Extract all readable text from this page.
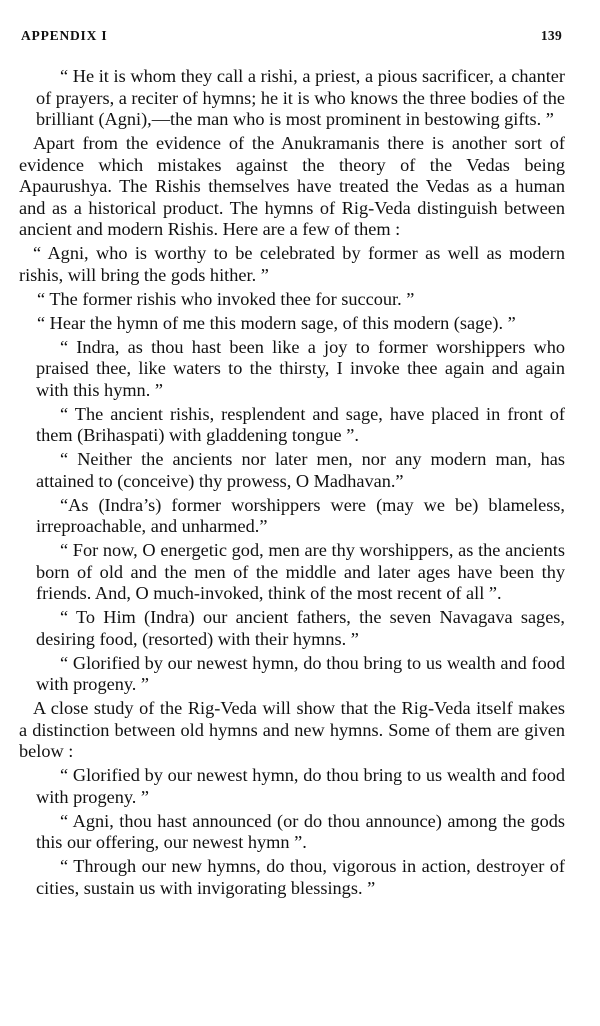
APPENDIX I	139

“ He it is whom they call a rishi, a priest, a pious sacrificer, a chanter of prayers, a reciter of hymns; he it is who knows the three bodies of the brilliant (Agni),—the man who is most prominent in bestowing gifts. ”

Apart from the evidence of the Anukramanis there is another sort of evidence which mistakes against the theory of the Vedas being Apaurushya. The Rishis themselves have treated the Vedas as a human and as a historical product. The hymns of Rig-Veda distinguish between ancient and modern Rishis. Here are a few of them :

“ Agni, who is worthy to be celebrated by former as well as modern rishis, will bring the gods hither. ”

“ The former rishis who invoked thee for succour. ”

“ Hear the hymn of me this modern sage, of this modern (sage). ”

“ Indra, as thou hast been like a joy to former worshippers who praised thee, like waters to the thirsty, I invoke thee again and again with this hymn. ”

“ The ancient rishis, resplendent and sage, have placed in front of them (Brihaspati) with gladdening tongue ”.

“ Neither the ancients nor later men, nor any modern man, has attained to (conceive) thy prowess, O Madhavan.”

“As (Indra’s) former worshippers were (may we be) blameless, irreproachable, and unharmed.”

“ For now, O energetic god, men are thy worshippers, as the ancients born of old and the men of the middle and later ages have been thy friends. And, O much-invoked, think of the most recent of all ”.

“ To Him (Indra) our ancient fathers, the seven Navagava sages, desiring food, (resorted) with their hymns. ”

“ Glorified by our newest hymn, do thou bring to us wealth and food with progeny. ”

A close study of the Rig-Veda will show that the Rig-Veda itself makes a distinction between old hymns and new hymns. Some of them are given below :

“ Glorified by our newest hymn, do thou bring to us wealth and food with progeny. ”

“ Agni, thou hast announced (or do thou announce) among the gods this our offering, our newest hymn ”.

“ Through our new hymns, do thou, vigorous in action, destroyer of cities, sustain us with invigorating blessings. ”
